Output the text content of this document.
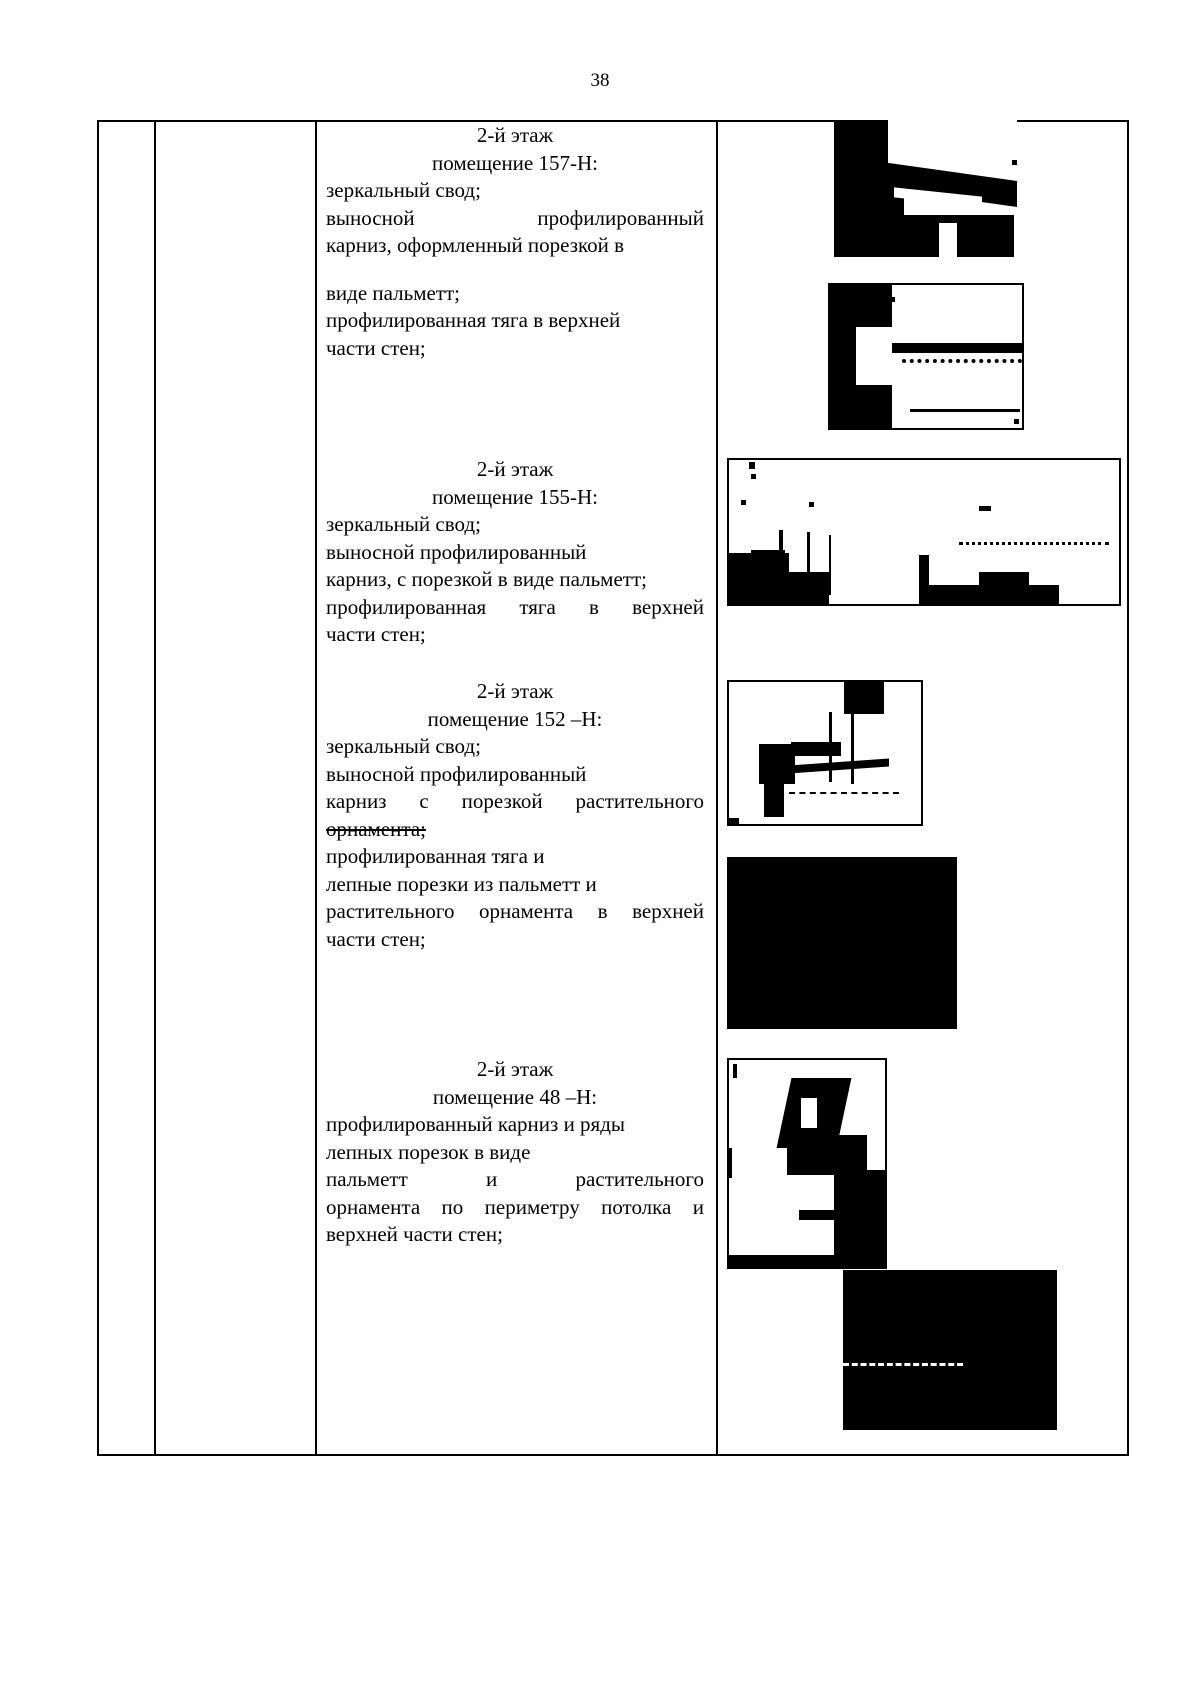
38
2-й этаж
помещение 157-Н:
зеркальный свод;
выносной профилированный
карниз, оформленный порезкой в
виде пальметт;
профилированная тяга в верхней
части стен;
2-й этаж
помещение 155-Н:
зеркальный свод;
выносной профилированный
карниз, с порезкой в виде пальметт;
профилированная тяга в верхней
части стен;
2-й этаж
помещение 152 –Н:
зеркальный свод;
выносной профилированный
карниз с порезкой растительного
орнамента;
профилированная тяга и
лепные порезки из пальметт и
растительного орнамента в верхней
части стен;
2-й этаж
помещение 48 –Н:
профилированный карниз и ряды
лепных порезок в виде
пальметт и растительного
орнамента по периметру потолка и
верхней части стен;
